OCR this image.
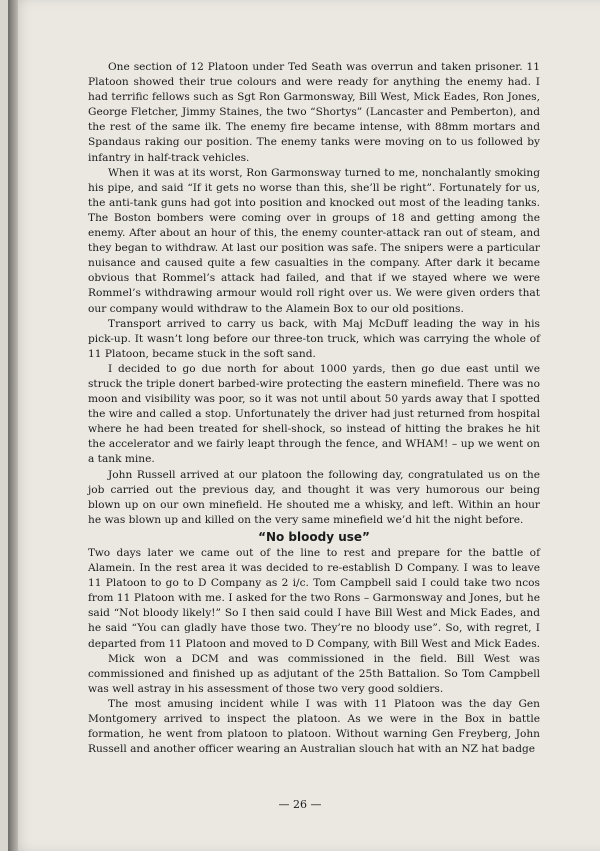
One section of 12 Platoon under Ted Seath was overrun and taken prisoner. 11 Platoon showed their true colours and were ready for anything the enemy had. I had terrific fellows such as Sgt Ron Garmonsway, Bill West, Mick Eades, Ron Jones, George Fletcher, Jimmy Staines, the two “Shortys” (Lancaster and Pemberton), and the rest of the same ilk. The enemy fire became intense, with 88mm mortars and Spandaus raking our position. The enemy tanks were moving on to us followed by infantry in half-track vehicles.

When it was at its worst, Ron Garmonsway turned to me, nonchalantly smoking his pipe, and said “If it gets no worse than this, she’ll be right”. Fortunately for us, the anti-tank guns had got into position and knocked out most of the leading tanks. The Boston bombers were coming over in groups of 18 and getting among the enemy. After about an hour of this, the enemy counter-attack ran out of steam, and they began to withdraw. At last our position was safe. The snipers were a particular nuisance and caused quite a few casualties in the company. After dark it became obvious that Rommel’s attack had failed, and that if we stayed where we were Rommel’s withdrawing armour would roll right over us. We were given orders that our company would withdraw to the Alamein Box to our old positions.

Transport arrived to carry us back, with Maj McDuff leading the way in his pick-up. It wasn’t long before our three-ton truck, which was carrying the whole of 11 Platoon, became stuck in the soft sand.

I decided to go due north for about 1000 yards, then go due east until we struck the triple donert barbed-wire protecting the eastern minefield. There was no moon and visibility was poor, so it was not until about 50 yards away that I spotted the wire and called a stop. Unfortunately the driver had just returned from hospital where he had been treated for shell-shock, so instead of hitting the brakes he hit the accelerator and we fairly leapt through the fence, and WHAM! – up we went on a tank mine.

John Russell arrived at our platoon the following day, congratulated us on the job carried out the previous day, and thought it was very humorous our being blown up on our own minefield. He shouted me a whisky, and left. Within an hour he was blown up and killed on the very same minefield we’d hit the night before.

“No bloody use”

Two days later we came out of the line to rest and prepare for the battle of Alamein. In the rest area it was decided to re-establish D Company. I was to leave 11 Platoon to go to D Company as 2 i/c. Tom Campbell said I could take two ncos from 11 Platoon with me. I asked for the two Rons – Garmonsway and Jones, but he said “Not bloody likely!” So I then said could I have Bill West and Mick Eades, and he said “You can gladly have those two. They’re no bloody use”. So, with regret, I departed from 11 Platoon and moved to D Company, with Bill West and Mick Eades.

Mick won a DCM and was commissioned in the field. Bill West was commissioned and finished up as adjutant of the 25th Battalion. So Tom Campbell was well astray in his assessment of those two very good soldiers.

The most amusing incident while I was with 11 Platoon was the day Gen Montgomery arrived to inspect the platoon. As we were in the Box in battle formation, he went from platoon to platoon. Without warning Gen Freyberg, John Russell and another officer wearing an Australian slouch hat with an NZ hat badge

— 26 —
